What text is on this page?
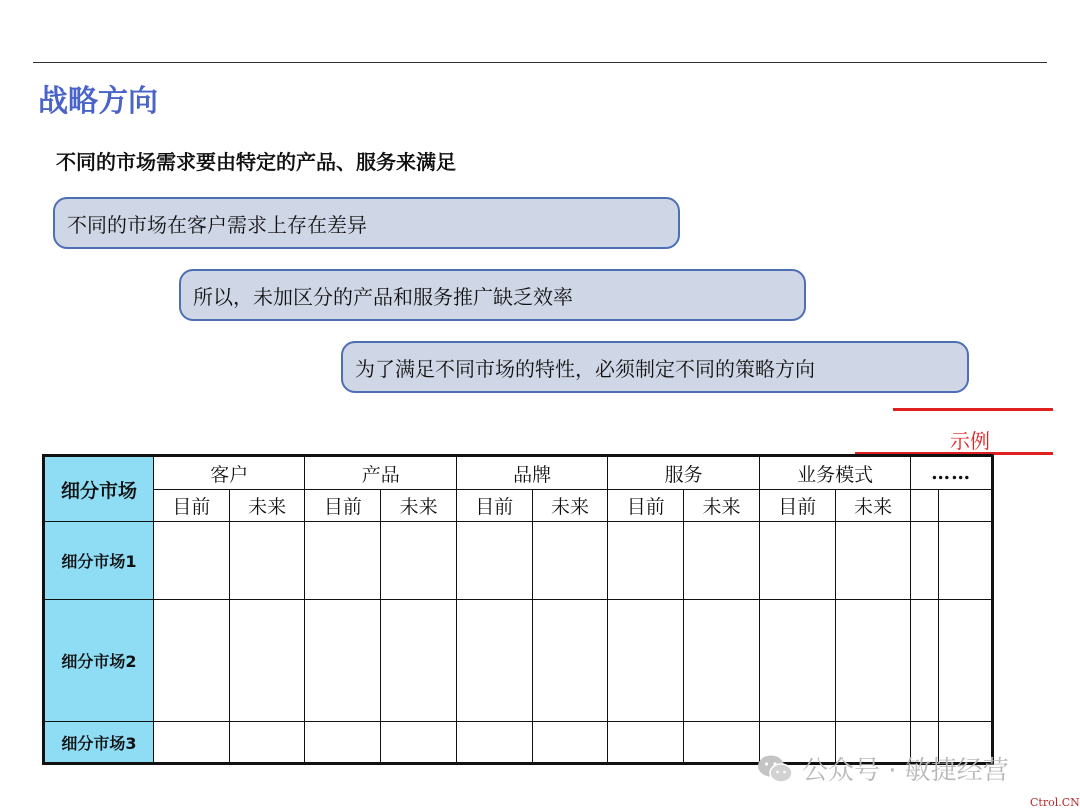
战略方向
不同的市场需求要由特定的产品、服务来满足
不同的市场在客户需求上存在差异
所以，未加区分的产品和服务推广缺乏效率
为了满足不同市场的特性，必须制定不同的策略方向
示例
细分市场	客户		产品		品牌		服务		业务模式		……	
	目前	未来	目前	未来	目前	未来	目前	未来	目前	未来		
细分市场1												
细分市场2												
细分市场3												
公众号 · 敏捷经营
Ctrol.CN
